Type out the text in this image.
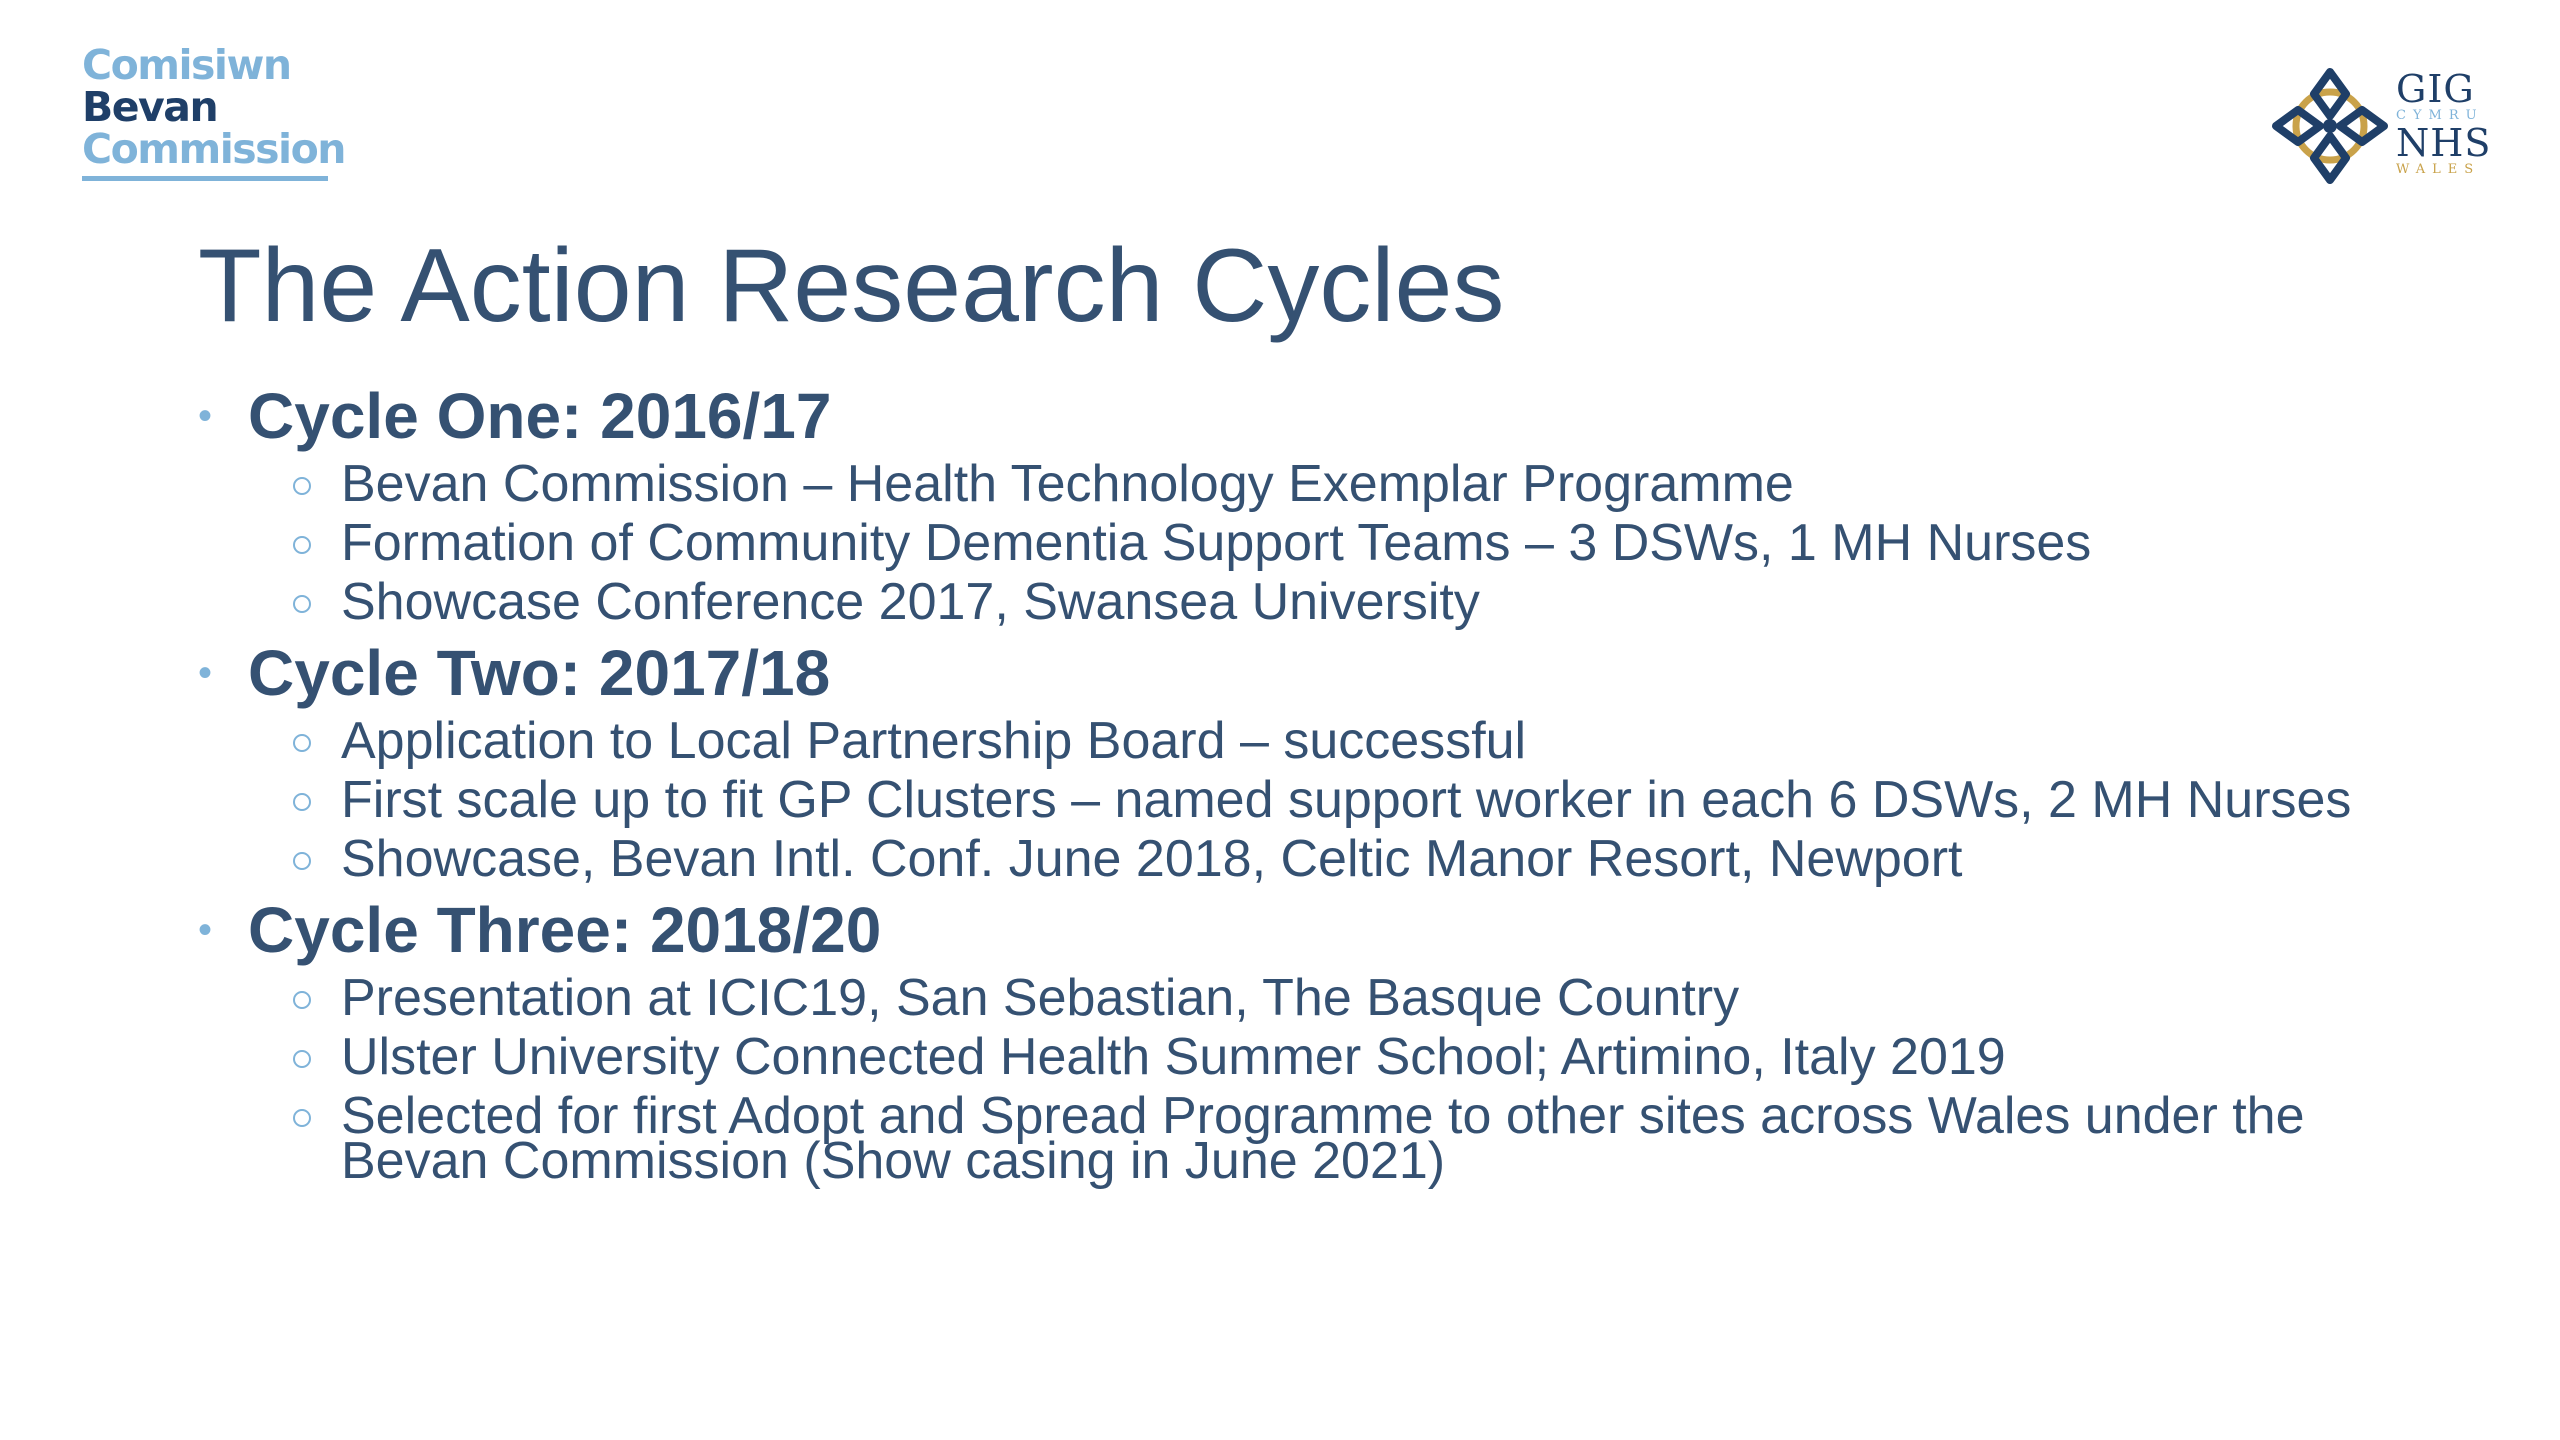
Comisiwn
Bevan
Commission
GIG
CYMRU
NHS
WALES
The Action Research Cycles
• Cycle One: 2016/17
Bevan Commission – Health Technology Exemplar Programme
Formation of Community Dementia Support Teams – 3 DSWs, 1 MH Nurses
Showcase Conference 2017, Swansea University
• Cycle Two: 2017/18
Application to Local Partnership Board – successful
First scale up to fit GP Clusters – named support worker in each 6 DSWs, 2 MH Nurses
Showcase, Bevan Intl. Conf. June 2018, Celtic Manor Resort, Newport
• Cycle Three: 2018/20
Presentation at ICIC19, San Sebastian, The Basque Country
Ulster University Connected Health Summer School; Artimino, Italy 2019
Selected for first Adopt and Spread Programme to other sites across Wales under the Bevan Commission (Show casing in June 2021)
